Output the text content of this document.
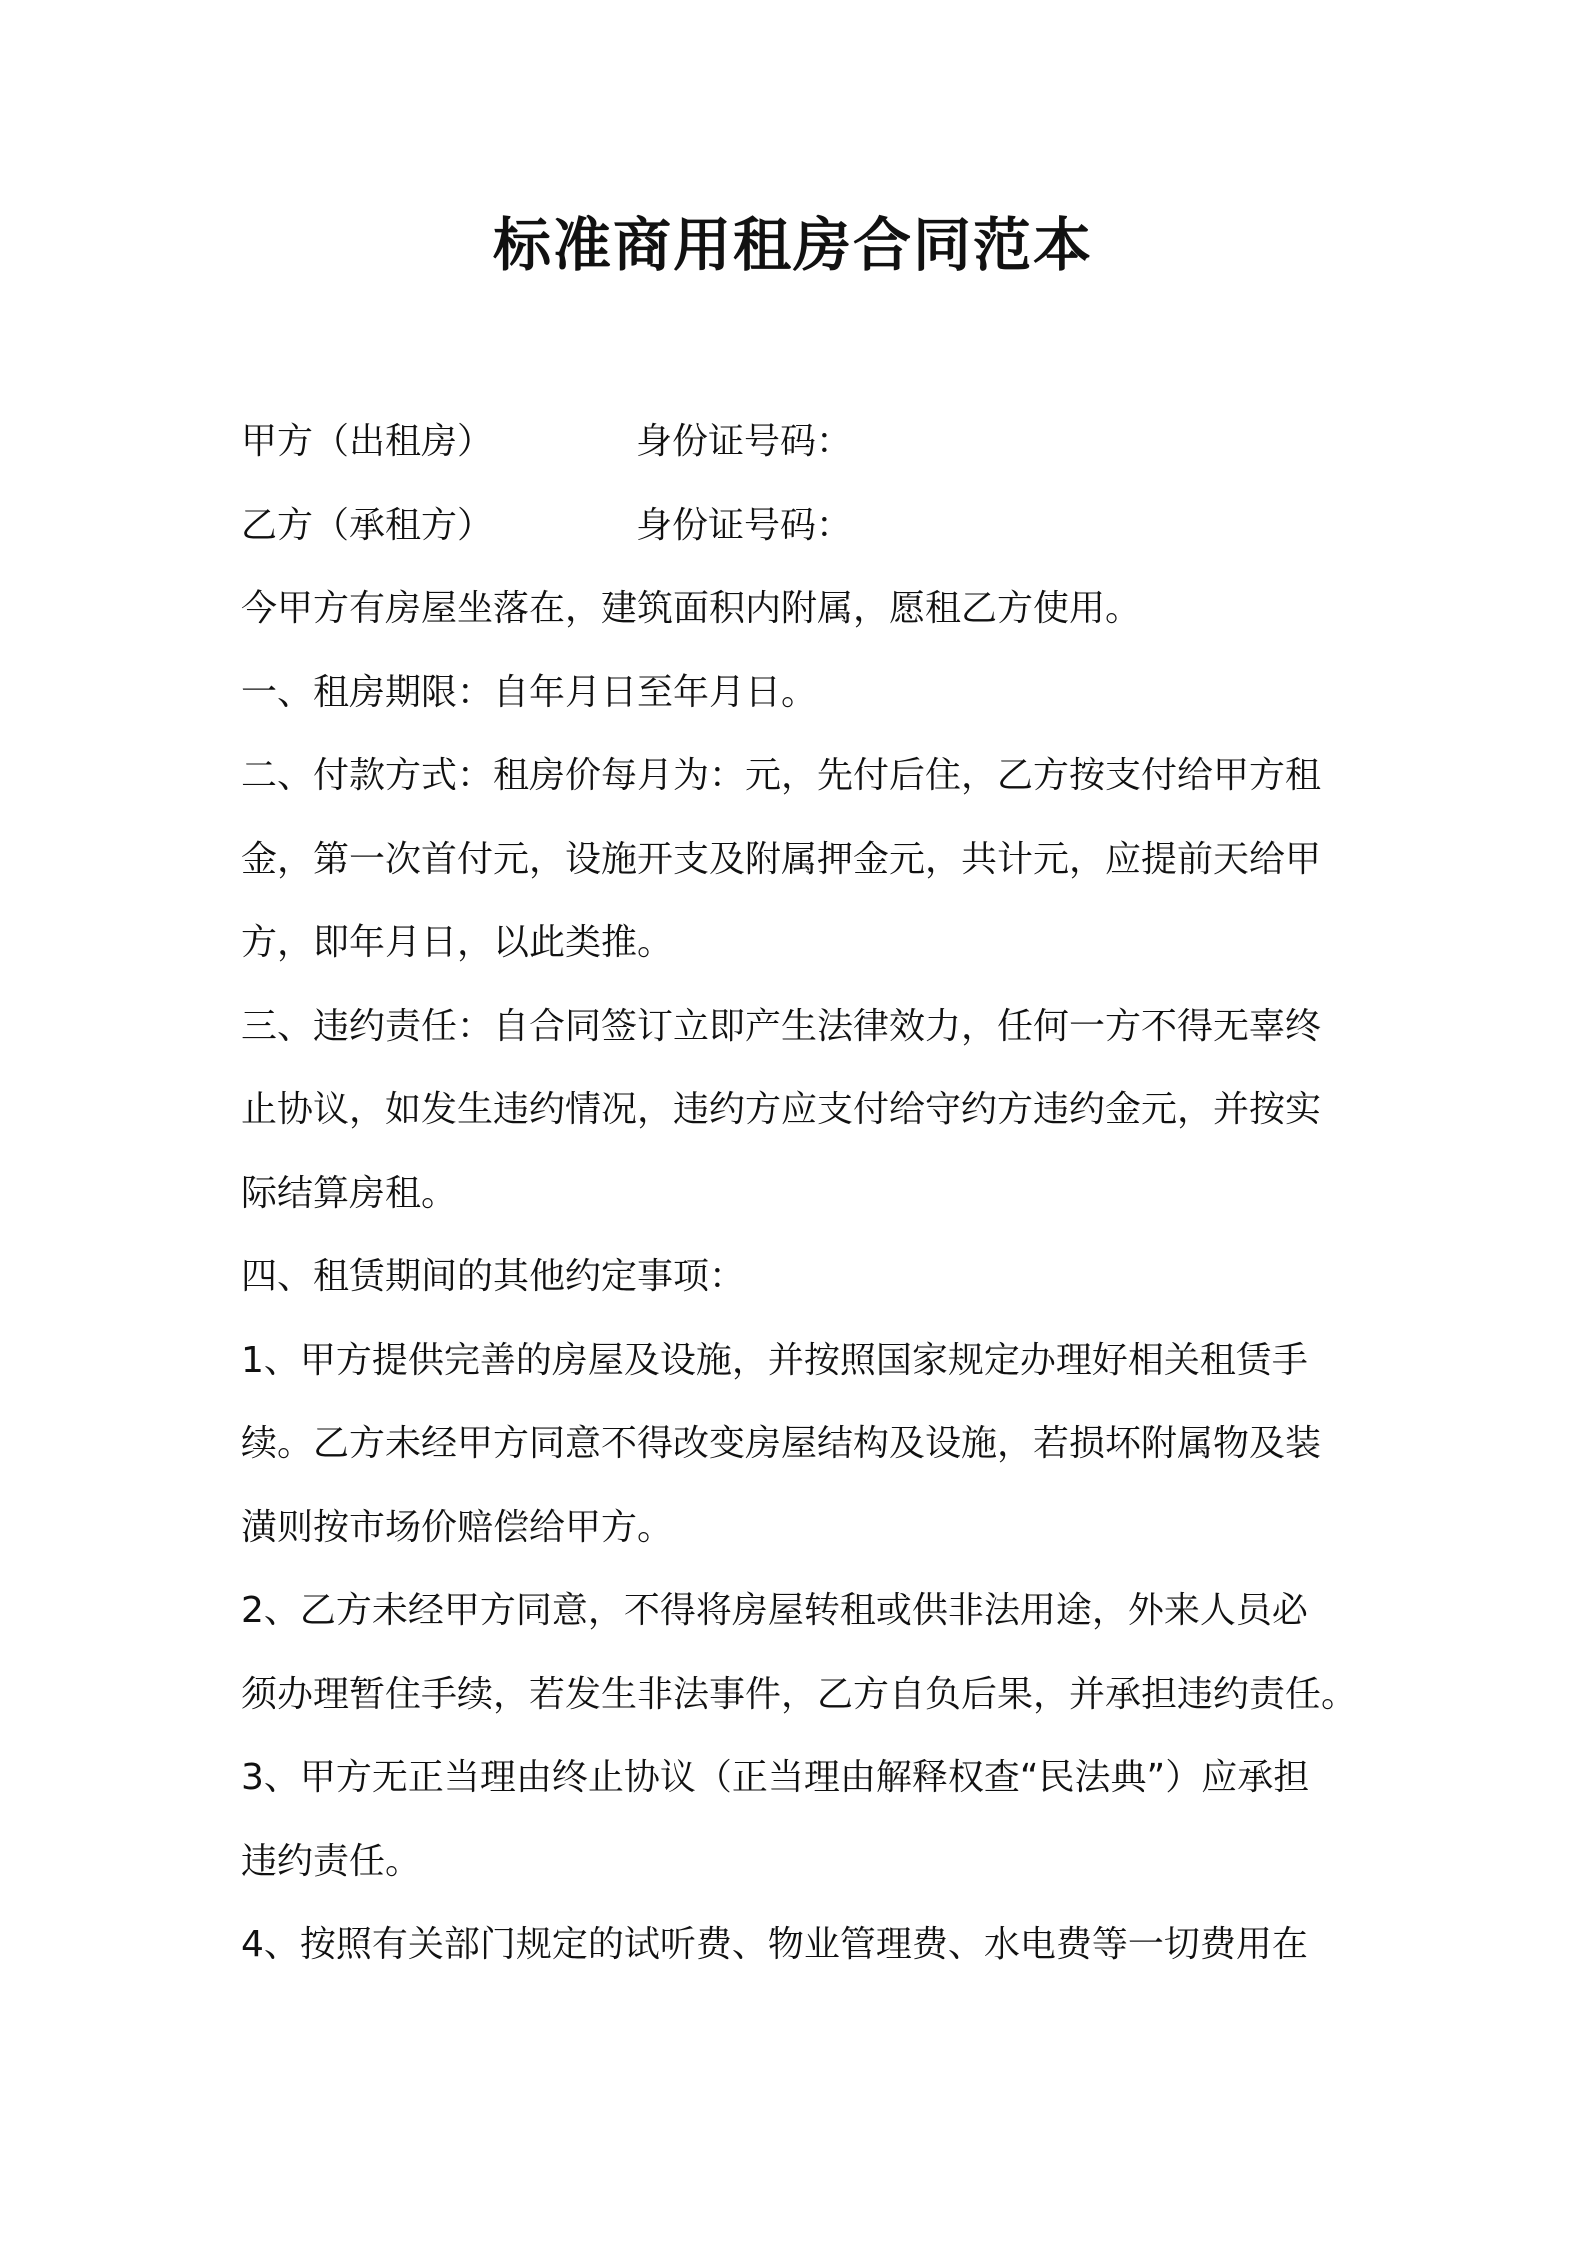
标准商用租房合同范本
甲方（出租房）	身份证号码：
乙方（承租方）	身份证号码：
今甲方有房屋坐落在，建筑面积内附属，愿租乙方使用。
一、租房期限：自年月日至年月日。
二、付款方式：租房价每月为：元，先付后住，乙方按支付给甲方租
金，第一次首付元，设施开支及附属押金元，共计元，应提前天给甲
方，即年月日，以此类推。
三、违约责任：自合同签订立即产生法律效力，任何一方不得无辜终
止协议，如发生违约情况，违约方应支付给守约方违约金元，并按实
际结算房租。
四、租赁期间的其他约定事项：
1、甲方提供完善的房屋及设施，并按照国家规定办理好相关租赁手
续。乙方未经甲方同意不得改变房屋结构及设施，若损坏附属物及装
潢则按市场价赔偿给甲方。
2、乙方未经甲方同意，不得将房屋转租或供非法用途，外来人员必
须办理暂住手续，若发生非法事件，乙方自负后果，并承担违约责任。
3、甲方无正当理由终止协议（正当理由解释权查“民法典”）应承担
违约责任。
4、按照有关部门规定的试听费、物业管理费、水电费等一切费用在
